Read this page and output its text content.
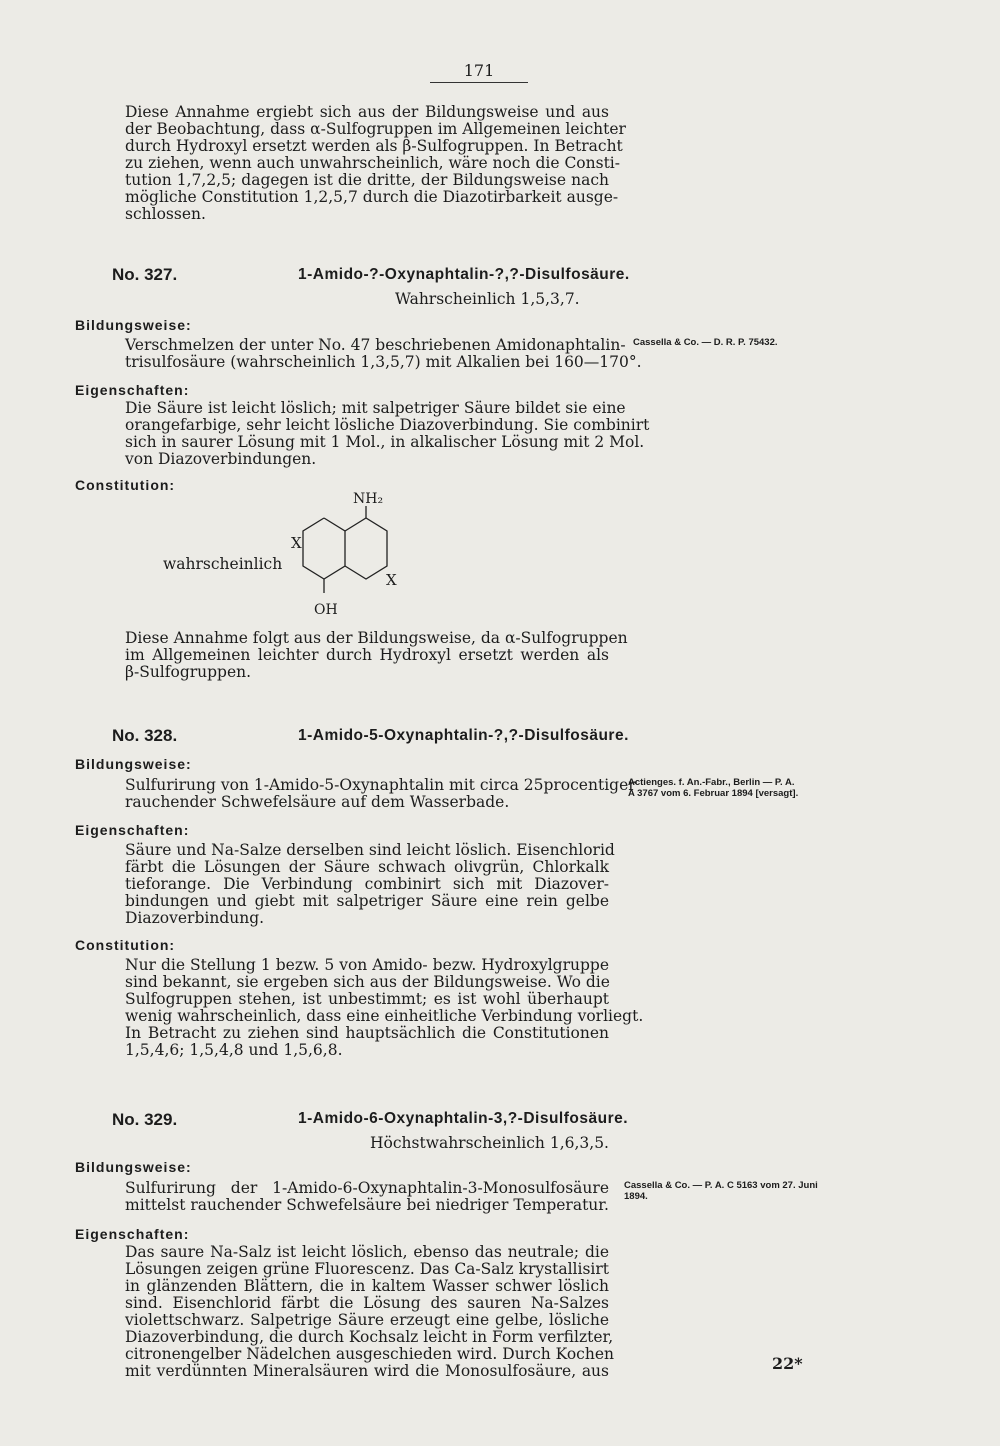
171
Diese Annahme ergiebt sich aus der Bildungsweise und aus
der Beobachtung, dass α-Sulfogruppen im Allgemeinen leichter
durch Hydroxyl ersetzt werden als β-Sulfogruppen. In Betracht
zu ziehen, wenn auch unwahrscheinlich, wäre noch die Consti-
tution 1,7,2,5; dagegen ist die dritte, der Bildungsweise nach
mögliche Constitution 1,2,5,7 durch die Diazotirbarkeit ausge-
schlossen.
No. 327.	1-Amido-?-Oxynaphtalin-?,?-Disulfosäure.
Wahrscheinlich 1,5,3,7.
Bildungsweise:
Verschmelzen der unter No. 47 beschriebenen Amidonaphtalin-
trisulfosäure (wahrscheinlich 1,3,5,7) mit Alkalien bei 160—170°.
Cassella & Co. — D. R. P. 75432.
Eigenschaften:
Die Säure ist leicht löslich; mit salpetriger Säure bildet sie eine
orangefarbige, sehr leicht lösliche Diazoverbindung. Sie combinirt
sich in saurer Lösung mit 1 Mol., in alkalischer Lösung mit 2 Mol.
von Diazoverbindungen.
Constitution:
wahrscheinlich
NH₂
OH
X
X
Diese Annahme folgt aus der Bildungsweise, da α-Sulfogruppen
im Allgemeinen leichter durch Hydroxyl ersetzt werden als
β-Sulfogruppen.
No. 328.	1-Amido-5-Oxynaphtalin-?,?-Disulfosäure.
Bildungsweise:
Sulfurirung von 1-Amido-5-Oxynaphtalin mit circa 25procentiger
rauchender Schwefelsäure auf dem Wasserbade.
Actienges. f. An.-Fabr., Berlin — P. A.
A 3767 vom 6. Februar 1894 [versagt].
Eigenschaften:
Säure und Na-Salze derselben sind leicht löslich. Eisenchlorid
färbt die Lösungen der Säure schwach olivgrün, Chlorkalk
tieforange. Die Verbindung combinirt sich mit Diazover-
bindungen und giebt mit salpetriger Säure eine rein gelbe
Diazoverbindung.
Constitution:
Nur die Stellung 1 bezw. 5 von Amido- bezw. Hydroxylgruppe
sind bekannt, sie ergeben sich aus der Bildungsweise. Wo die
Sulfogruppen stehen, ist unbestimmt; es ist wohl überhaupt
wenig wahrscheinlich, dass eine einheitliche Verbindung vorliegt.
In Betracht zu ziehen sind hauptsächlich die Constitutionen
1,5,4,6; 1,5,4,8 und 1,5,6,8.
No. 329.	1-Amido-6-Oxynaphtalin-3,?-Disulfosäure.
Höchstwahrscheinlich 1,6,3,5.
Bildungsweise:
Sulfurirung der 1-Amido-6-Oxynaphtalin-3-Monosulfosäure
mittelst rauchender Schwefelsäure bei niedriger Temperatur.
Cassella & Co. — P. A. C 5163 vom 27. Juni
1894.
Eigenschaften:
Das saure Na-Salz ist leicht löslich, ebenso das neutrale; die
Lösungen zeigen grüne Fluorescenz. Das Ca-Salz krystallisirt
in glänzenden Blättern, die in kaltem Wasser schwer löslich
sind. Eisenchlorid färbt die Lösung des sauren Na-Salzes
violettschwarz. Salpetrige Säure erzeugt eine gelbe, lösliche
Diazoverbindung, die durch Kochsalz leicht in Form verfilzter,
citronengelber Nädelchen ausgeschieden wird. Durch Kochen
mit verdünnten Mineralsäuren wird die Monosulfosäure, aus	22*
